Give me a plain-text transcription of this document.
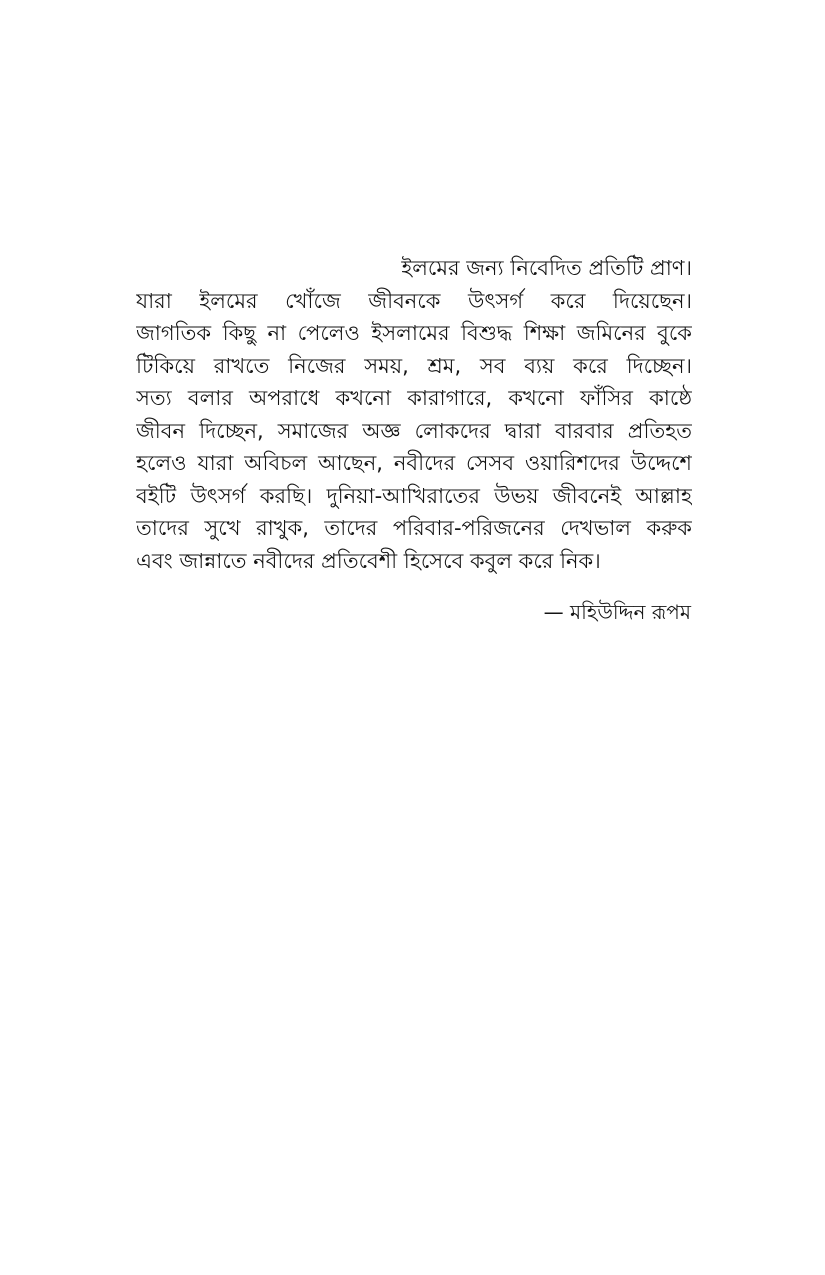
ইলমের জন্য নিবেদিত প্রতিটি প্রাণ।
যারা ইলমের খোঁজে জীবনকে উৎসর্গ করে দিয়েছেন।
জাগতিক কিছু না পেলেও ইসলামের বিশুদ্ধ শিক্ষা জমিনের বুকে
টিকিয়ে রাখতে নিজের সময়, শ্রম, সব ব্যয় করে দিচ্ছেন।
সত্য বলার অপরাধে কখনো কারাগারে, কখনো ফাঁসির কাষ্ঠে
জীবন দিচ্ছেন, সমাজের অজ্ঞ লোকদের দ্বারা বারবার প্রতিহত
হলেও যারা অবিচল আছেন, নবীদের সেসব ওয়ারিশদের উদ্দেশে
বইটি উৎসর্গ করছি। দুনিয়া-আখিরাতের উভয় জীবনেই আল্লাহ
তাদের সুখে রাখুক, তাদের পরিবার-পরিজনের দেখভাল করুক
এবং জান্নাতে নবীদের প্রতিবেশী হিসেবে কবুল করে নিক।
— মহিউদ্দিন রূপম
